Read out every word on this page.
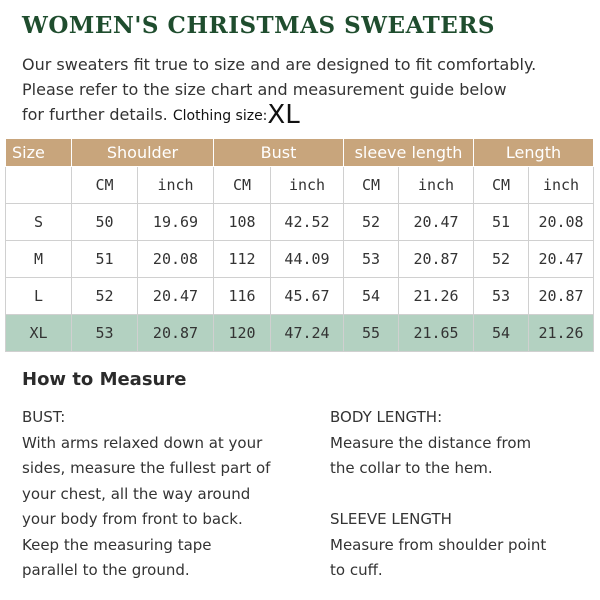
WOMEN'S CHRISTMAS SWEATERS
Our sweaters fit true to size and are designed to fit comfortably.
Please refer to the size chart and measurement guide below
for further details. Clothing size:XL
Size	Shoulder		Bust		sleeve length		Length	
	CM	inch	CM	inch	CM	inch	CM	inch
S	50	19.69	108	42.52	52	20.47	51	20.08
M	51	20.08	112	44.09	53	20.87	52	20.47
L	52	20.47	116	45.67	54	21.26	53	20.87
XL	53	20.87	120	47.24	55	21.65	54	21.26
How to Measure

BUST:

With arms relaxed down at your

sides, measure the fullest part of

your chest, all the way around

your body from front to back.

Keep the measuring tape

parallel to the ground.

BODY LENGTH:

Measure the distance from

the collar to the hem.

SLEEVE LENGTH

Measure from shoulder point

to cuff.
